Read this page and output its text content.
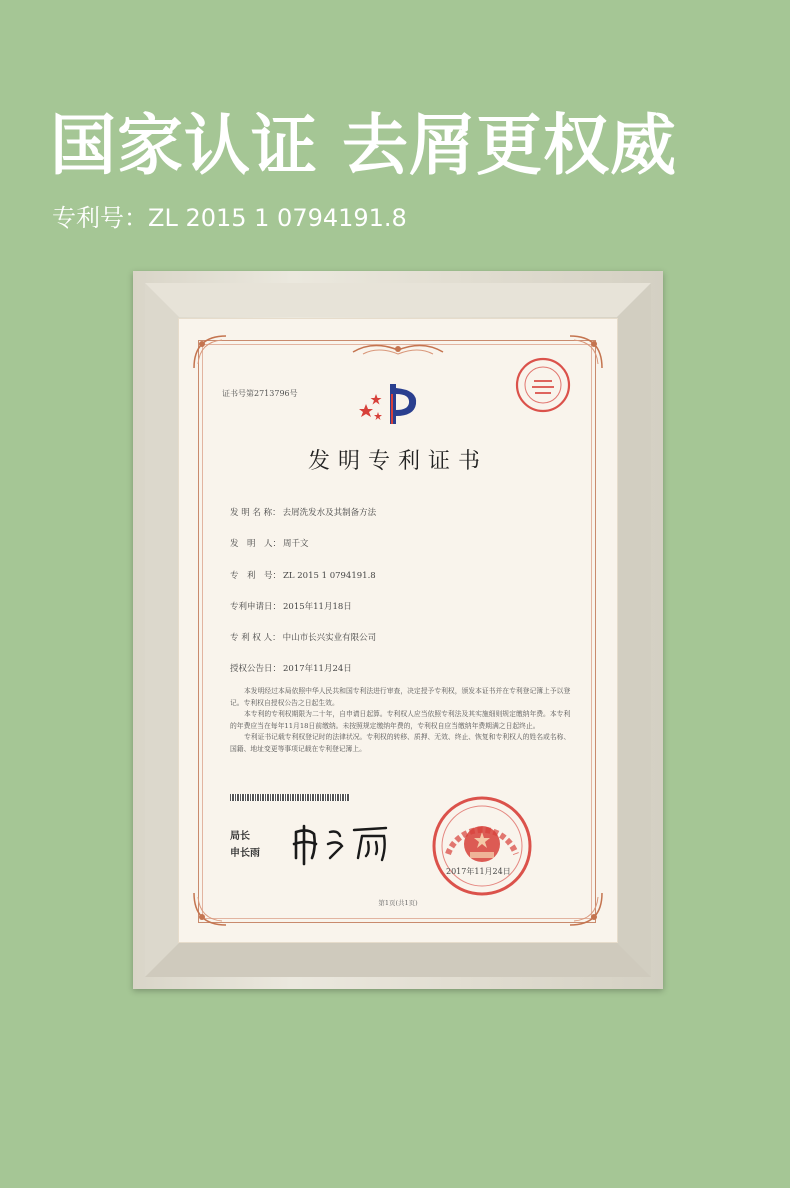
国家认证 去屑更权威
专利号：ZL 2015 1 0794191.8
证书号第2713796号
发明专利证书
发 明 名 称： 去屑洗发水及其制备方法
发　明　人： 周千文
专　利　号： ZL 2015 1 0794191.8
专利申请日： 2015年11月18日
专 利 权 人： 中山市长兴实业有限公司
授权公告日： 2017年11月24日

本发明经过本局依照中华人民共和国专利法进行审查，决定授予专利权，颁发本证书并在专利登记簿上予以登记。专利权自授权公告之日起生效。

本专利的专利权期限为二十年，自申请日起算。专利权人应当依照专利法及其实施细则规定缴纳年费。本专利的年费应当在每年11月18日前缴纳。未按照规定缴纳年费的，专利权自应当缴纳年费期满之日起终止。

专利证书记载专利权登记时的法律状况。专利权的转移、质押、无效、终止、恢复和专利权人的姓名或名称、国籍、地址变更等事项记载在专利登记簿上。

局长
申长雨
2017年11月24日
第1页(共1页)
